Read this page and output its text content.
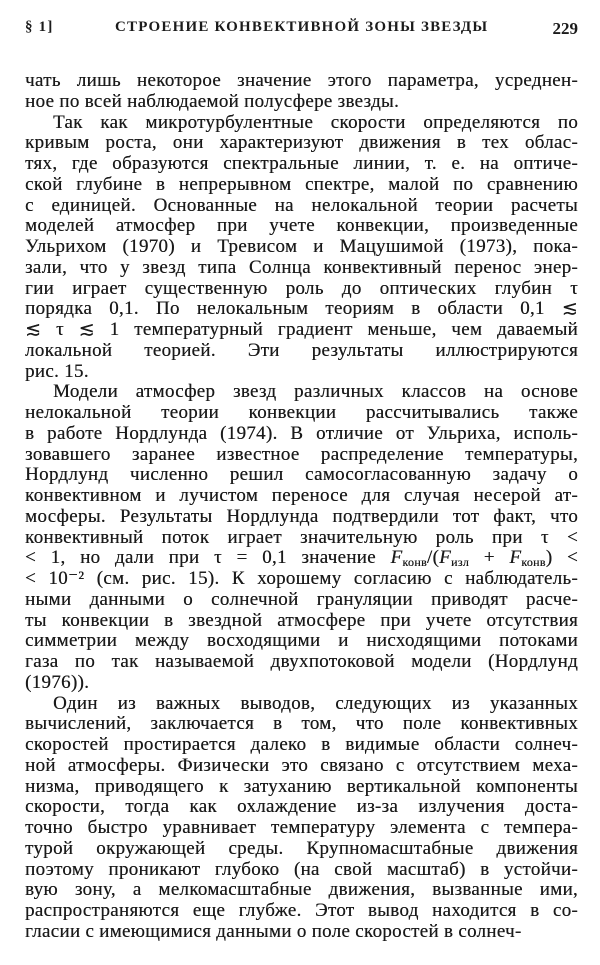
§ 1]	СТРОЕНИЕ КОНВЕКТИВНОЙ ЗОНЫ ЗВЕЗДЫ	229
чать лишь некоторое значение этого параметра, усреднен-
ное по всей наблюдаемой полусфере звезды.
Так как микротурбулентные скорости определяются по
кривым роста, они характеризуют движения в тех облас-
тях, где образуются спектральные линии, т. е. на оптиче-
ской глубине в непрерывном спектре, малой по сравнению
с единицей. Основанные на нелокальной теории расчеты
моделей атмосфер при учете конвекции, произведенные
Ульрихом (1970) и Тревисом и Мацушимой (1973), пока-
зали, что у звезд типа Солнца конвективный перенос энер-
гии играет существенную роль до оптических глубин τ
порядка 0,1. По нелокальным теориям в области 0,1 ≲
≲ τ ≲ 1 температурный градиент меньше, чем даваемый
локальной теорией. Эти результаты иллюстрируются
рис. 15.
Модели атмосфер звезд различных классов на основе
нелокальной теории конвекции рассчитывались также
в работе Нордлунда (1974). В отличие от Ульриха, исполь-
зовавшего заранее известное распределение температуры,
Нордлунд численно решил самосогласованную задачу о
конвективном и лучистом переносе для случая несерой ат-
мосферы. Результаты Нордлунда подтвердили тот факт, что
конвективный поток играет значительную роль при τ <
< 1, но дали при τ = 0,1 значение $F_{конв}/(F_{изл} + F_{конв})$ <
< 10⁻² (см. рис. 15). К хорошему согласию с наблюдатель-
ными данными о солнечной грануляции приводят расче-
ты конвекции в звездной атмосфере при учете отсутствия
симметрии между восходящими и нисходящими потоками
газа по так называемой двухпотоковой модели (Нордлунд
(1976)).
Один из важных выводов, следующих из указанных
вычислений, заключается в том, что поле конвективных
скоростей простирается далеко в видимые области солнеч-
ной атмосферы. Физически это связано с отсутствием меха-
низма, приводящего к затуханию вертикальной компоненты
скорости, тогда как охлаждение из-за излучения доста-
точно быстро уравнивает температуру элемента с темпера-
турой окружающей среды. Крупномасштабные движения
поэтому проникают глубоко (на свой масштаб) в устойчи-
вую зону, а мелкомасштабные движения, вызванные ими,
распространяются еще глубже. Этот вывод находится в со-
гласии с имеющимися данными о поле скоростей в солнеч-
